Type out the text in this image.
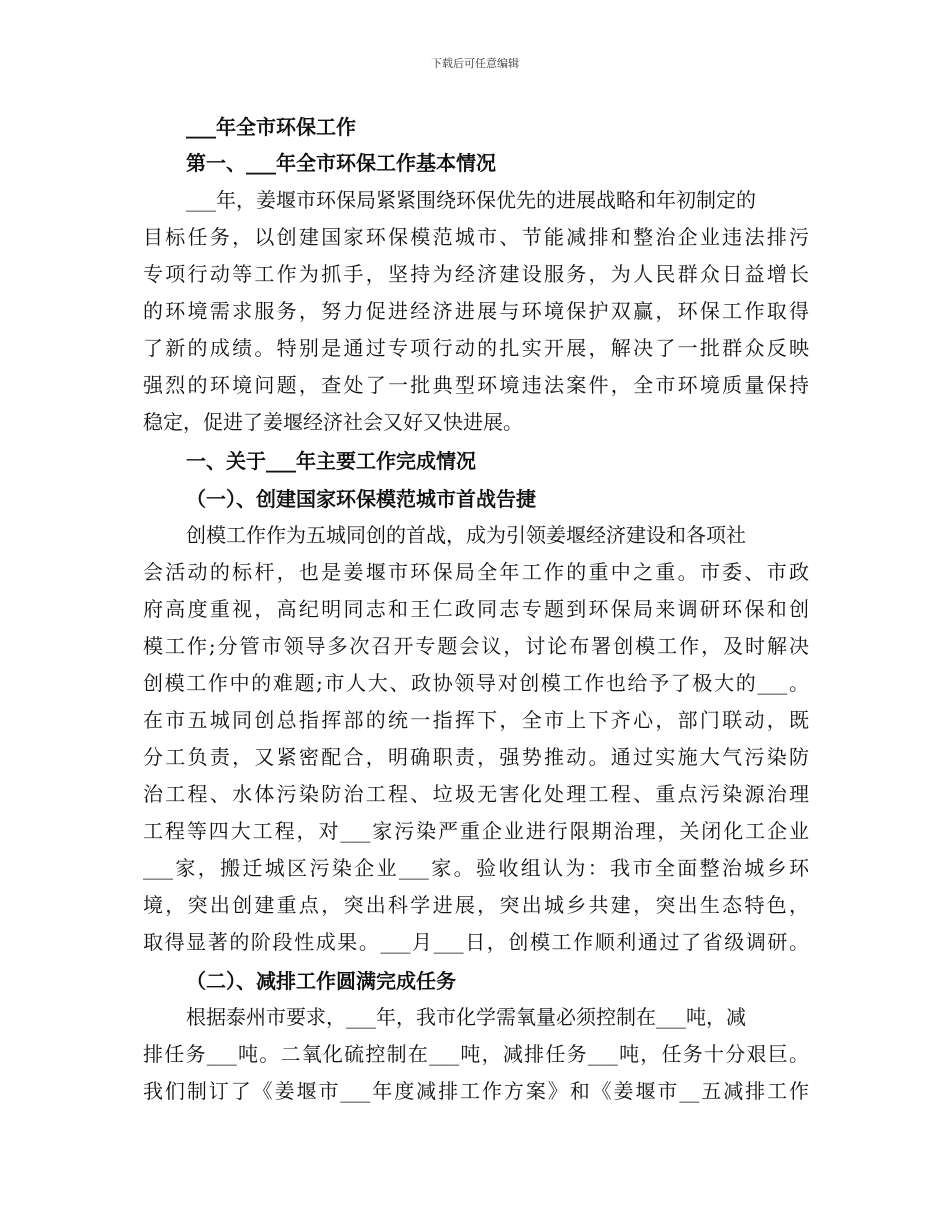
下载后可任意编辑
___年全市环保工作
第一、___年全市环保工作基本情况
___年，姜堰市环保局紧紧围绕环保优先的进展战略和年初制定的
目标任务，以创建国家环保模范城市、节能减排和整治企业违法排污
专项行动等工作为抓手，坚持为经济建设服务，为人民群众日益增长
的环境需求服务，努力促进经济进展与环境保护双赢，环保工作取得
了新的成绩。特别是通过专项行动的扎实开展，解决了一批群众反映
强烈的环境问题，查处了一批典型环境违法案件，全市环境质量保持
稳定，促进了姜堰经济社会又好又快进展。
一、关于___年主要工作完成情况
（一）、创建国家环保模范城市首战告捷
创模工作作为五城同创的首战，成为引领姜堰经济建设和各项社
会活动的标杆，也是姜堰市环保局全年工作的重中之重。市委、市政
府高度重视，高纪明同志和王仁政同志专题到环保局来调研环保和创
模工作;分管市领导多次召开专题会议，讨论布署创模工作，及时解决
创模工作中的难题;市人大、政协领导对创模工作也给予了极大的___。
在市五城同创总指挥部的统一指挥下，全市上下齐心，部门联动，既
分工负责，又紧密配合，明确职责，强势推动。通过实施大气污染防
治工程、水体污染防治工程、垃圾无害化处理工程、重点污染源治理
工程等四大工程，对___家污染严重企业进行限期治理，关闭化工企业
___家，搬迁城区污染企业___家。验收组认为：我市全面整治城乡环
境，突出创建重点，突出科学进展，突出城乡共建，突出生态特色，
取得显著的阶段性成果。___月___日，创模工作顺利通过了省级调研。
（二）、减排工作圆满完成任务
根据泰州市要求，___年，我市化学需氧量必须控制在___吨，减
排任务___吨。二氧化硫控制在___吨，减排任务___吨，任务十分艰巨。
我们制订了《姜堰市___年度减排工作方案》和《姜堰市__五减排工作
